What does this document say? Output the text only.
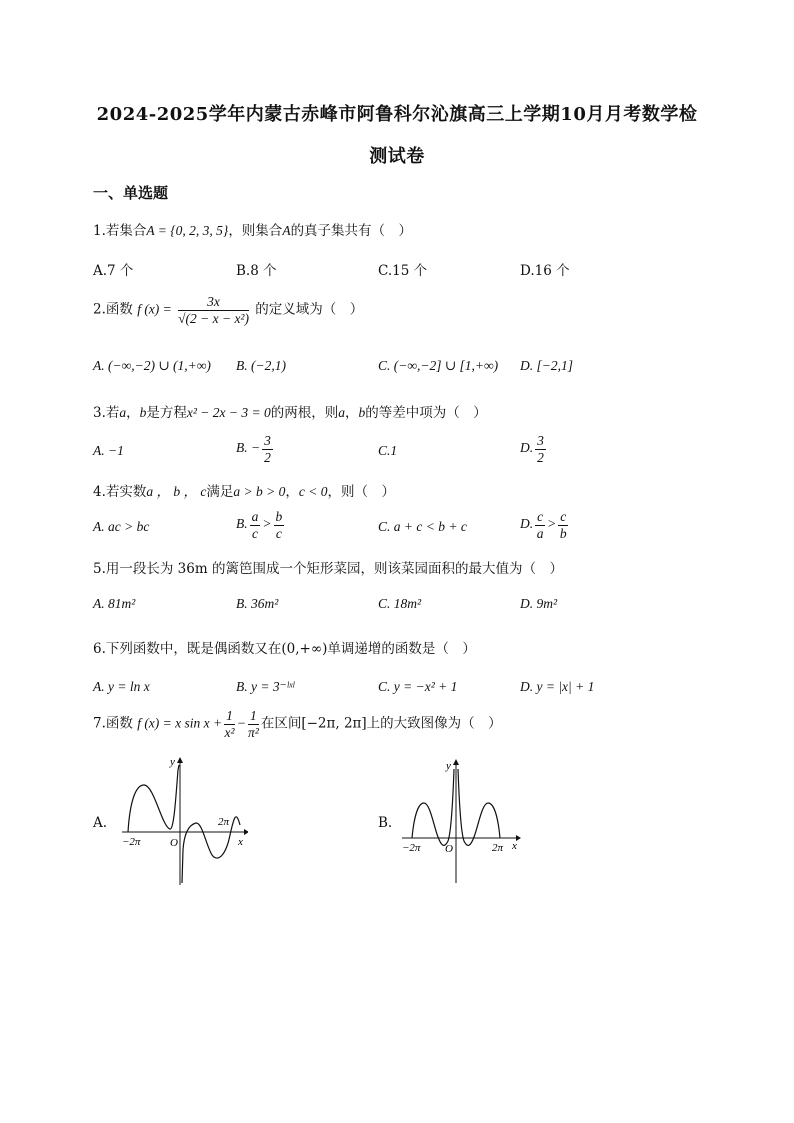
2024-2025学年内蒙古赤峰市阿鲁科尔沁旗高三上学期10月月考数学检
测试卷
一、单选题
1.若集合A = {0, 2, 3, 5}，则集合A的真子集共有（　）
A.7 个	B.8 个	C.15 个	D.16 个
2.函数 f $(x) = \frac{3x}{\text{√(2 − x − x²)}}$ 的定义域为（　）
A. (−∞,−2) ∪ (1,+∞) B. (−2,1)	C. (−∞,−2] ∪ [1,+∞) D. [−2,1]
3.若a，b是方程x² − 2x − 3 = 0的两根，则a，b的等差中项为（　）
A. −1	B. − $\frac{3}{2}$	C.1	D. $\frac{3}{2}$
4.若实数a ， b ， c满足a > b > 0，c < 0，则（　）
A. ac > bc	B. $\frac{a}{c} > \frac{b}{c}$	C. a + c < b + c	D. $\frac{c}{a} > \frac{c}{b}$
5.用一段长为 36m 的篱笆围成一个矩形菜园，则该菜园面积的最大值为（　）
A. 81m²	B. 36m²	C. 18m²	D. 9m²
6.下列函数中，既是偶函数又在(0,+∞)单调递增的函数是（　）
A. y = ln x	B. y = 3⁻ˡˣˡ	C. y = −x² + 1	D. y = |x| + 1
7.函数 f (x) = x $\sin x + \frac{1}{\text{x²}} - \frac{1}{\text{π²}}$ 在区间[−2π, 2π]上的大致图像为（　）
A.
−2π
2π
x
y
O
B.
−2π	2π x
y
O
